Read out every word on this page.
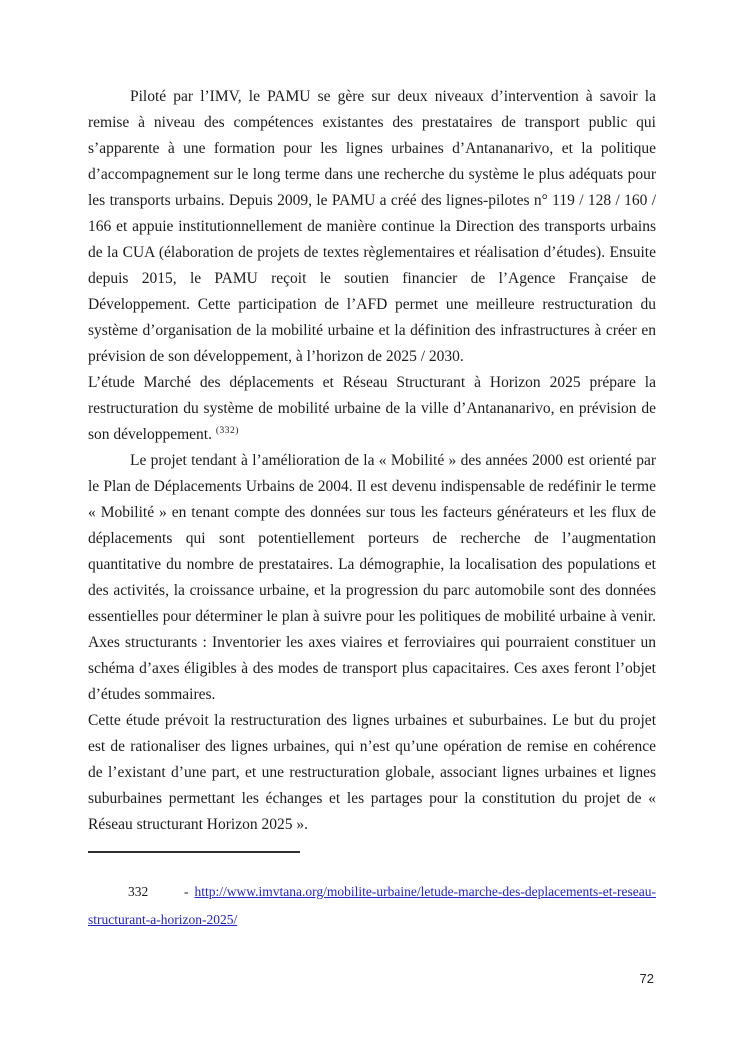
Piloté par l’IMV, le PAMU se gère sur deux niveaux d’intervention à savoir la remise à niveau des compétences existantes des prestataires de transport public qui s’apparente à une formation pour les lignes urbaines d’Antananarivo, et la politique d’accompagnement sur le long terme dans une recherche du système le plus adéquats pour les transports urbains. Depuis 2009, le PAMU a créé des lignes-pilotes n° 119 / 128 / 160 / 166 et appuie institutionnellement de manière continue la Direction des transports urbains de la CUA (élaboration de projets de textes règlementaires et réalisation d’études). Ensuite depuis 2015, le PAMU reçoit le soutien financier de l’Agence Française de Développement. Cette participation de l’AFD permet une meilleure restructuration du système d’organisation de la mobilité urbaine et la définition des infrastructures à créer en prévision de son développement, à l’horizon de 2025 / 2030.

L’étude Marché des déplacements et Réseau Structurant à Horizon 2025 prépare la restructuration du système de mobilité urbaine de la ville d’Antananarivo, en prévision de son développement. $^{(332)}$

Le projet tendant à l’amélioration de la « Mobilité » des années 2000 est orienté par le Plan de Déplacements Urbains de 2004. Il est devenu indispensable de redéfinir le terme « Mobilité » en tenant compte des données sur tous les facteurs générateurs et les flux de déplacements qui sont potentiellement porteurs de recherche de l’augmentation quantitative du nombre de prestataires. La démographie, la localisation des populations et des activités, la croissance urbaine, et la progression du parc automobile sont des données essentielles pour déterminer le plan à suivre pour les politiques de mobilité urbaine à venir. Axes structurants : Inventorier les axes viaires et ferroviaires qui pourraient constituer un schéma d’axes éligibles à des modes de transport plus capacitaires. Ces axes feront l’objet d’études sommaires.

Cette étude prévoit la restructuration des lignes urbaines et suburbaines. Le but du projet est de rationaliser des lignes urbaines, qui n’est qu’une opération de remise en cohérence de l’existant d’une part, et une restructuration globale, associant lignes urbaines et lignes suburbaines permettant les échanges et les partages pour la constitution du projet de « Réseau structurant Horizon 2025 ».

332 - http://www.imvtana.org/mobilite-urbaine/letude-marche-des-deplacements-et-reseau-structurant-a-horizon-2025/

72
